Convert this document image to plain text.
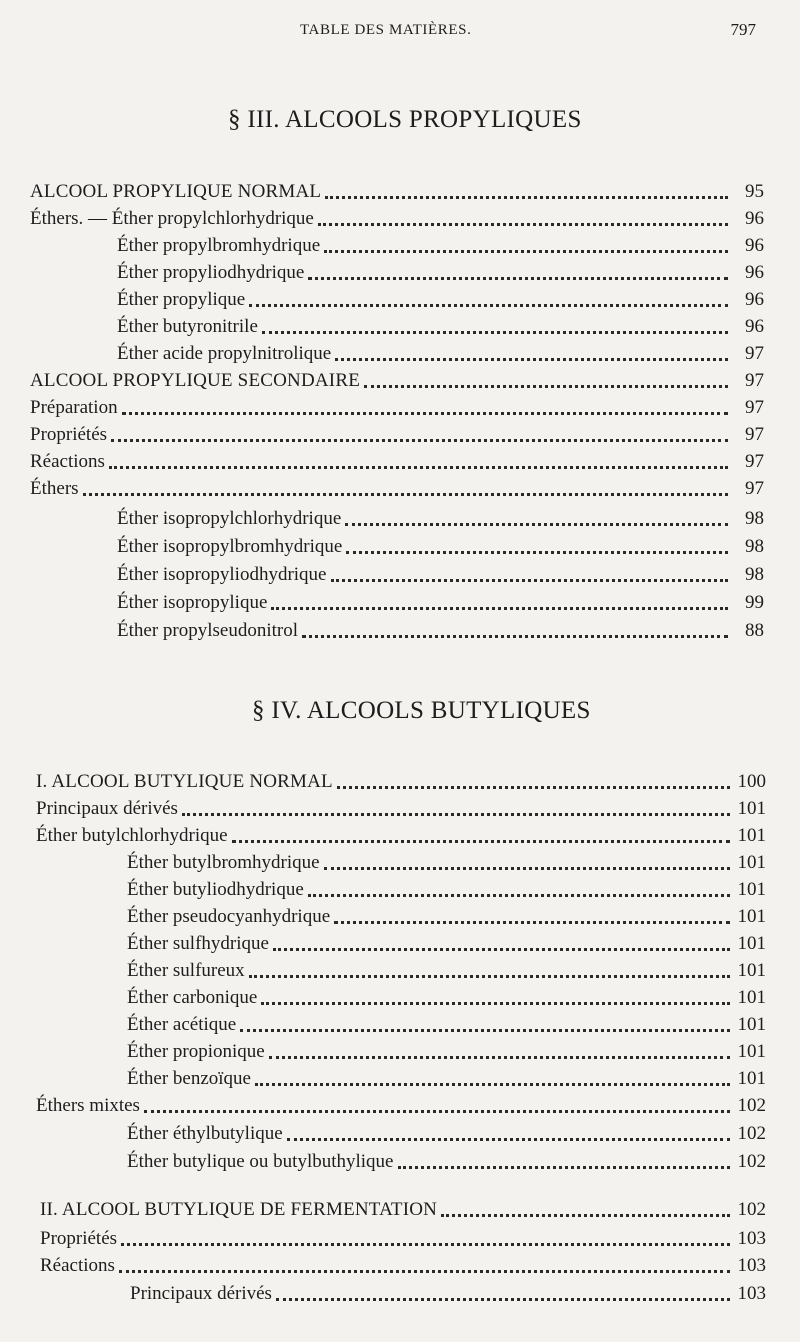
TABLE DES MATIÈRES.	797
§ III. ALCOOLS PROPYLIQUES
ALCOOL PROPYLIQUE NORMAL	95
Éthers. — Éther propylchlorhydrique	96
Éther propylbromhydrique	96
Éther propyliodhydrique	96
Éther propylique	96
Éther butyronitrile	96
Éther acide propylnitrolique	97
ALCOOL PROPYLIQUE SECONDAIRE	97
Préparation	97
Propriétés	97
Réactions	97
Éthers	97
Éther isopropylchlorhydrique	98
Éther isopropylbromhydrique	98
Éther isopropyliodhydrique	98
Éther isopropylique	99
Éther propylseudonitrol	88
§ IV. ALCOOLS BUTYLIQUES
I. ALCOOL BUTYLIQUE NORMAL	100
Principaux dérivés	101
Éther butylchlorhydrique	101
Éther butylbromhydrique	101
Éther butyliodhydrique	101
Éther pseudocyanhydrique	101
Éther sulfhydrique	101
Éther sulfureux	101
Éther carbonique	101
Éther acétique	101
Éther propionique	101
Éther benzoïque	101
Éthers mixtes	102
Éther éthylbutylique	102
Éther butylique ou butylbuthylique	102
II. ALCOOL BUTYLIQUE DE FERMENTATION	102
Propriétés	103
Réactions	103
Principaux dérivés	103
